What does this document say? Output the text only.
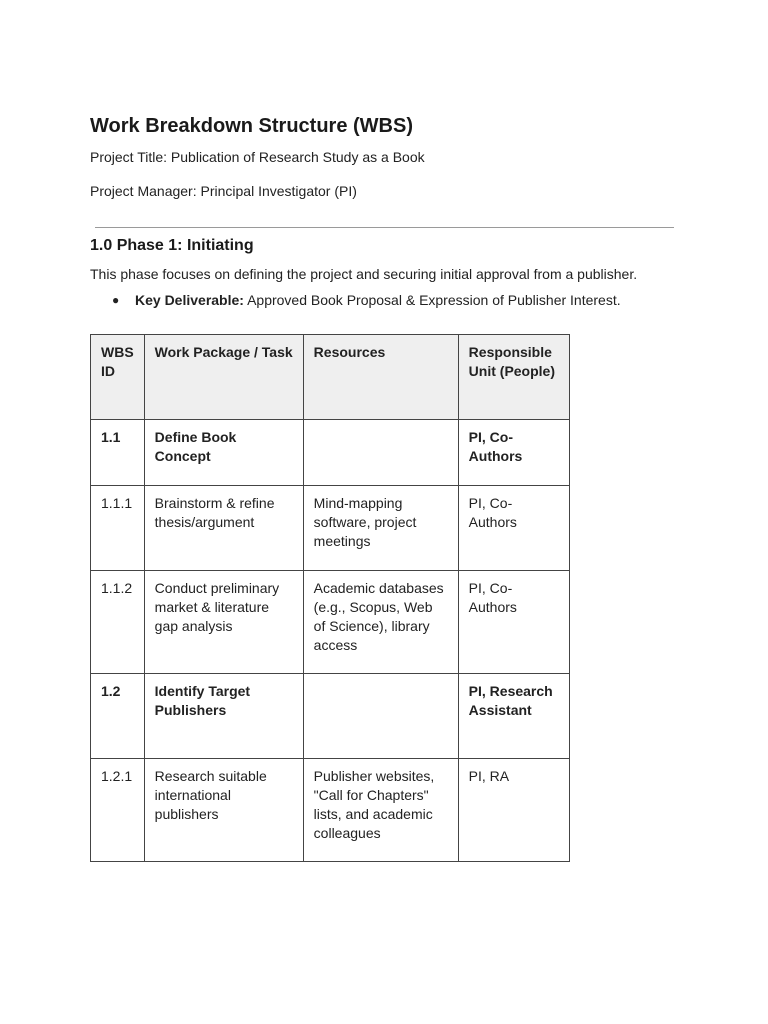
Work Breakdown Structure (WBS)

Project Title: Publication of Research Study as a Book

Project Manager: Principal Investigator (PI)

1.0 Phase 1: Initiating

This phase focuses on defining the project and securing initial approval from a publisher.

● Key Deliverable: Approved Book Proposal & Expression of Publisher Interest.
WBS ID	Work Package / Task	Resources	Responsible Unit (People)
1.1	Define Book Concept		PI, Co-Authors
1.1.1	Brainstorm & refine thesis/argument	Mind-mapping software, project meetings	PI, Co-Authors
1.1.2	Conduct preliminary market & literature gap analysis	Academic databases (e.g., Scopus, Web of Science), library access	PI, Co-Authors
1.2	Identify Target Publishers		PI, Research Assistant
1.2.1	Research suitable international publishers	Publisher websites, "Call for Chapters" lists, and academic colleagues	PI, RA
